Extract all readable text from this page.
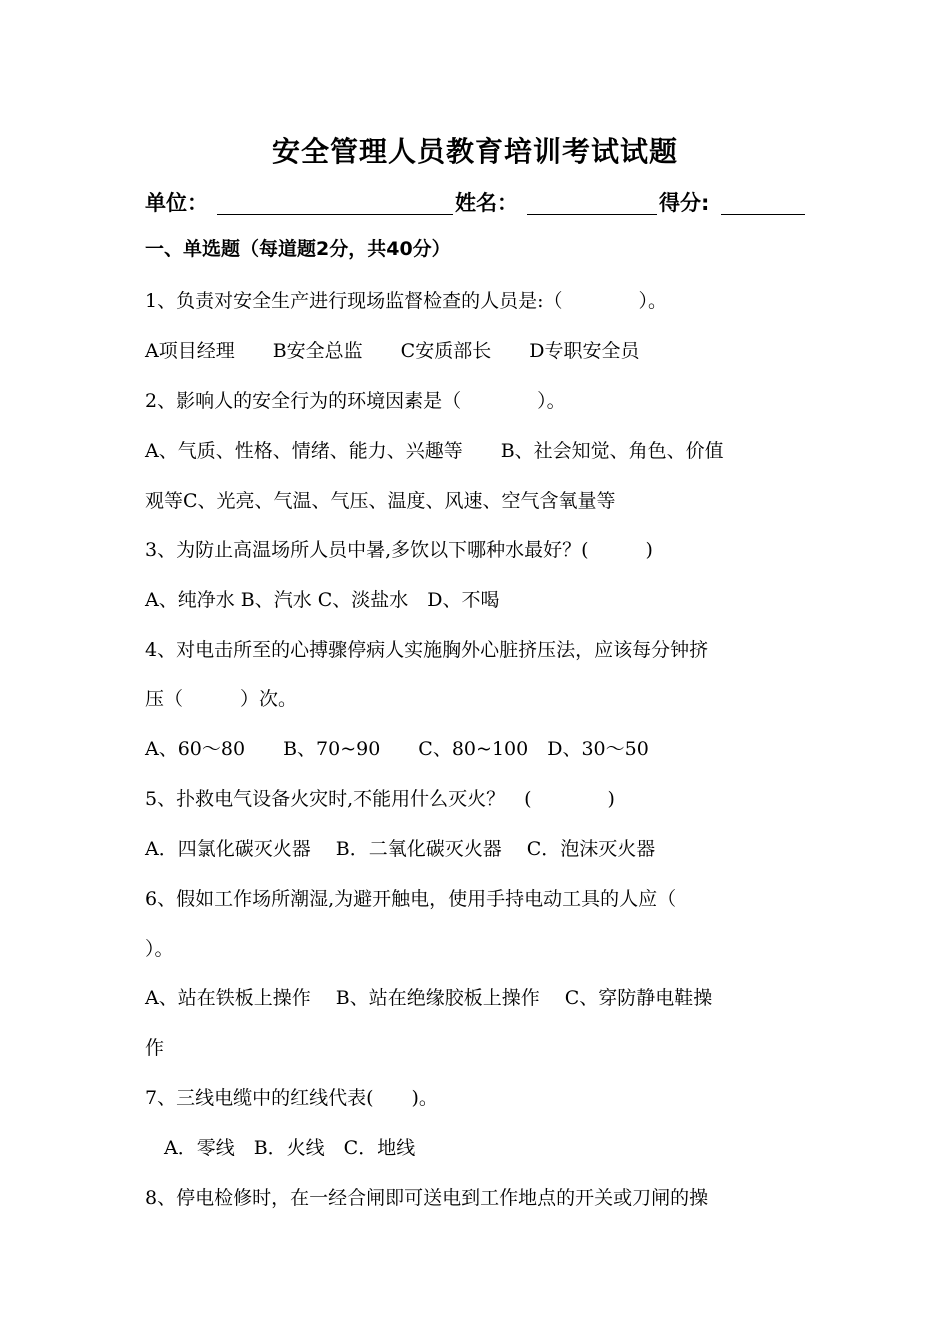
安全管理人员教育培训考试试题
单位：	姓名：	得分:
一、单选题（每道题2分，共40分）
1、负责对安全生产进行现场监督检查的人员是:（　　　　）。
A项目经理　　B安全总监　　C安质部长　　D专职安全员
2、影响人的安全行为的环境因素是（　　　　）。
A、气质、性格、情绪、能力、兴趣等　　B、社会知觉、角色、价值
观等C、光亮、气温、气压、温度、风速、空气含氧量等
3、为防止高温场所人员中暑,多饮以下哪种水最好？(　　　)
A、纯净水 B、汽水 C、淡盐水　D、不喝
4、对电击所至的心搏骤停病人实施胸外心脏挤压法，应该每分钟挤
压（　　　）次。
A、60～80　　B、70~90　　C、80~100　D、30～50
5、扑救电气设备火灾时,不能用什么灭火？　(　　　　)
A．四氯化碳灭火器　 B．二氧化碳灭火器　 C．泡沫灭火器
6、假如工作场所潮湿,为避开触电，使用手持电动工具的人应（
）。
A、站在铁板上操作　 B、站在绝缘胶板上操作　 C、穿防静电鞋操
作
7、三线电缆中的红线代表(　　)。
　A．零线　B．火线　C．地线
8、停电检修时，在一经合闸即可送电到工作地点的开关或刀闸的操
